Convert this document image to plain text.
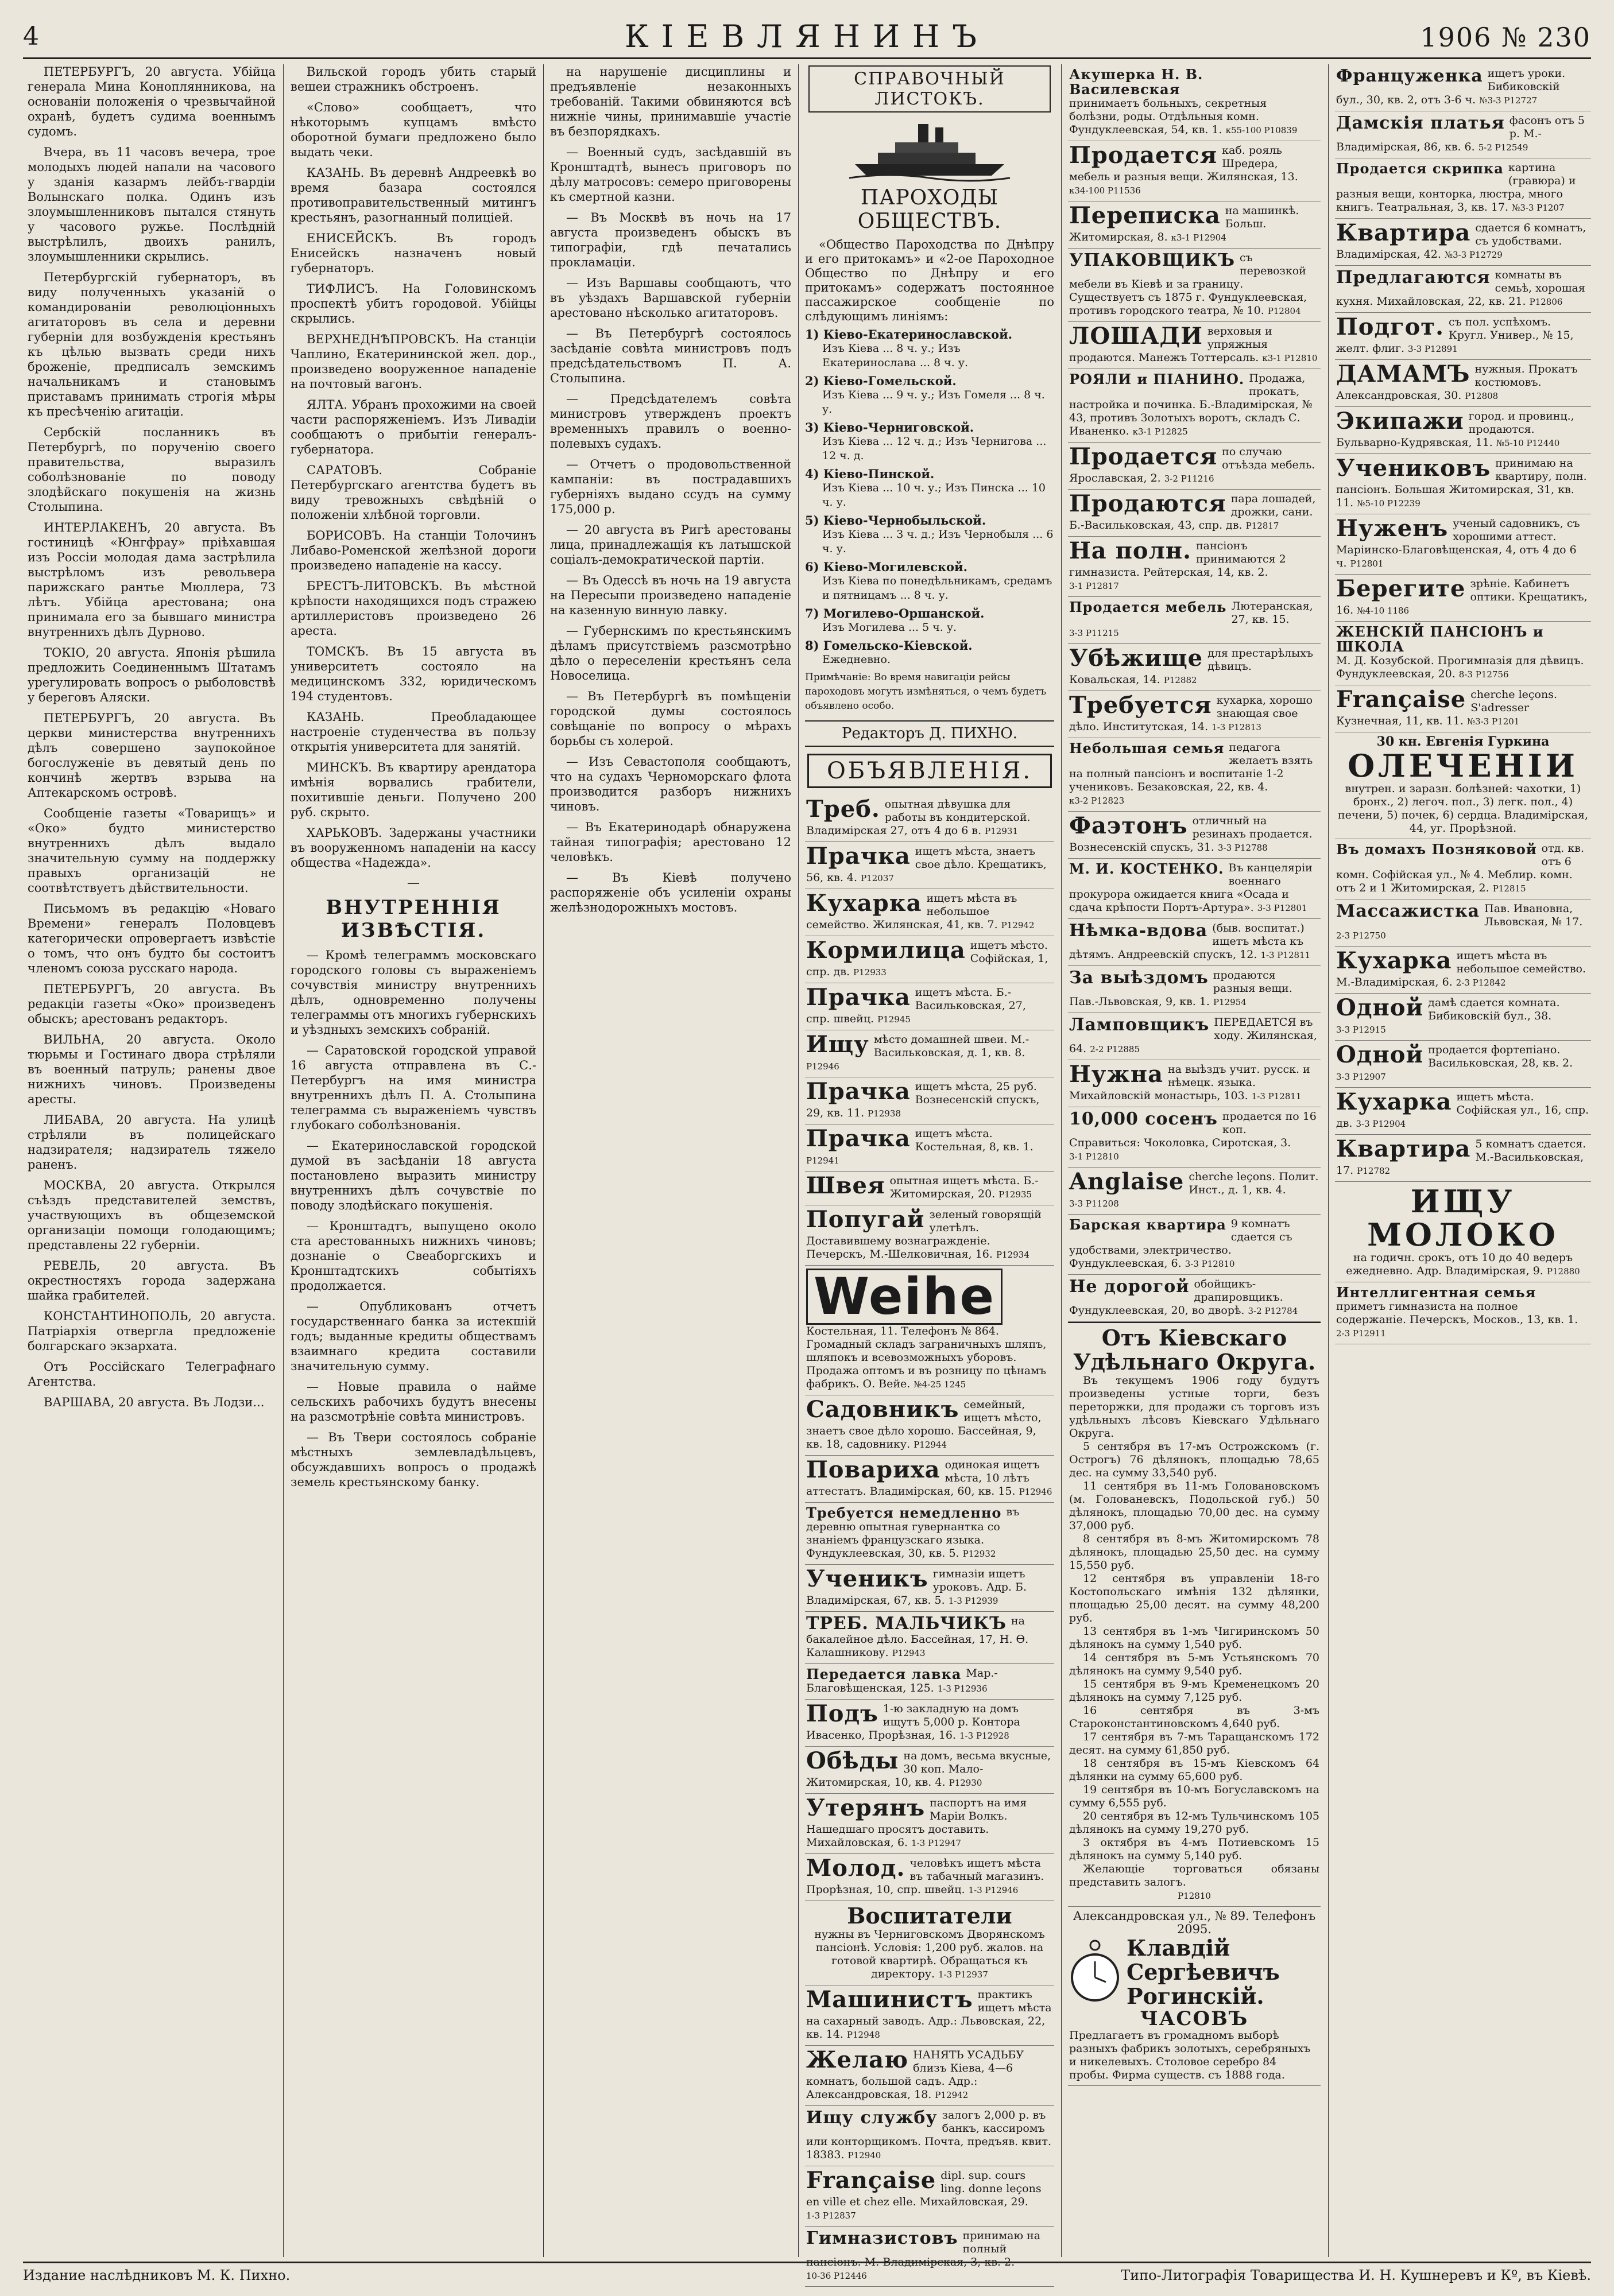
4	КІЕВЛЯНИНЪ	1906 № 230

ПЕТЕРБУРГЪ, 20 августа. Убійца генерала Мина Коноплянникова, на основаніи положенія о чрезвычайной охранѣ, будетъ судима военнымъ судомъ.

Вчера, въ 11 часовъ вечера, трое молодыхъ людей напали на часового у зданія казармъ лейбъ-гвардіи Волынскаго полка. Одинъ изъ злоумышленниковъ пытался стянуть у часового ружье. Послѣдній выстрѣлилъ, двоихъ ранилъ, злоумышленники скрылись.

Петербургскій губернаторъ, въ виду полученныхъ указаній о командированіи революціонныхъ агитаторовъ въ села и деревни губерніи для возбужденія крестьянъ къ цѣлью вызвать среди нихъ броженіе, предписалъ земскимъ начальникамъ и становымъ приставамъ принимать строгія мѣры къ пресѣченію агитаціи.

Сербскій посланникъ въ Петербургѣ, по порученію своего правительства, выразилъ соболѣзнованіе по поводу злодѣйскаго покушенія на жизнь Столыпина.

ИНТЕРЛАКЕНЪ, 20 августа. Въ гостиницѣ «Юнгфрау» пріѣхавшая изъ Россіи молодая дама застрѣлила выстрѣломъ изъ револьвера парижскаго рантье Мюллера, 73 лѣтъ. Убійца арестована; она принимала его за бывшаго министра внутреннихъ дѣлъ Дурново.

ТОКІО, 20 августа. Японія рѣшила предложить Соединеннымъ Штатамъ урегулировать вопросъ о рыболовствѣ у береговъ Аляски.

ПЕТЕРБУРГЪ, 20 августа. Въ церкви министерства внутреннихъ дѣлъ совершено заупокойное богослуженіе въ девятый день по кончинѣ жертвъ взрыва на Аптекарскомъ островѣ.

Сообщеніе газеты «Товарищъ» и «Око» будто министерство внутреннихъ дѣлъ выдало значительную сумму на поддержку правыхъ организацій не соотвѣтствуетъ дѣйствительности.

Письмомъ въ редакцію «Новаго Времени» генералъ Половцевъ категорически опровергаетъ извѣстіе о томъ, что онъ будто бы состоитъ членомъ союза русскаго народа.

ПЕТЕРБУРГЪ, 20 августа. Въ редакціи газеты «Око» произведенъ обыскъ; арестованъ редакторъ.

ВИЛЬНА, 20 августа. Около тюрьмы и Гостинаго двора стрѣляли въ военный патруль; ранены двое нижнихъ чиновъ. Произведены аресты.

ЛИБАВА, 20 августа. На улицѣ стрѣляли въ полицейскаго надзирателя; надзиратель тяжело раненъ.

МОСКВА, 20 августа. Открылся съѣздъ представителей земствъ, участвующихъ въ общеземской организаціи помощи голодающимъ; представлены 22 губерніи.

РЕВЕЛЬ, 20 августа. Въ окрестностяхъ города задержана шайка грабителей.

КОНСТАНТИНОПОЛЬ, 20 августа. Патріархія отвергла предложеніе болгарскаго экзархата.

Отъ Россійскаго Телеграфнаго Агентства.

ВАРШАВА, 20 августа. Въ Лодзи...

Вильской городъ убить старый вешеи стражникъ обстроенъ.

«Слово» сообщаетъ, что нѣкоторымъ купцамъ вмѣсто оборотной бумаги предложено было выдать чеки.

КАЗАНЬ. Въ деревнѣ Андреевкѣ во время базара состоялся противоправительственный митингъ крестьянъ, разогнанный полиціей.

ЕНИСЕЙСКЪ. Въ городъ Енисейскъ назначенъ новый губернаторъ.

ТИФЛИСЪ. На Головинскомъ проспектѣ убитъ городовой. Убійцы скрылись.

ВЕРХНЕДНѢПРОВСКЪ. На станціи Чаплино, Екатерининской жел. дор., произведено вооруженное нападеніе на почтовый вагонъ.

ЯЛТА. Убранъ прохожими на своей части распоряженіемъ. Изъ Ливадіи сообщаютъ о прибытіи генералъ-губернатора.

САРАТОВЪ. Собраніе Петербургскаго агентства будетъ въ виду тревожныхъ свѣдѣній о положеніи хлѣбной торговли.

БОРИСОВЪ. На станціи Толочинъ Либаво-Роменской желѣзной дороги произведено нападеніе на кассу.

БРЕСТЪ-ЛИТОВСКЪ. Въ мѣстной крѣпости находящихся подъ стражею артиллеристовъ произведено 26 ареста.

ТОМСКЪ. Въ 15 августа въ университетъ состояло на медицинскомъ 332, юридическомъ 194 студентовъ.

КАЗАНЬ. Преобладающее настроеніе студенчества въ пользу открытія университета для занятій.

МИНСКЪ. Въ квартиру арендатора имѣнія ворвались грабители, похитившіе деньги. Получено 200 руб. скрыто.

ХАРЬКОВЪ. Задержаны участники въ вооруженномъ нападеніи на кассу общества «Надежда».

—
ВНУТРЕННІЯ ИЗВѢСТІЯ.

— Кромѣ телеграммъ московскаго городского головы съ выраженіемъ сочувствія министру внутреннихъ дѣлъ, одновременно получены телеграммы отъ многихъ губернскихъ и уѣздныхъ земскихъ собраній.

— Саратовской городской управой 16 августа отправлена въ С.-Петербургъ на имя министра внутреннихъ дѣлъ П. А. Столыпина телеграмма съ выраженіемъ чувствъ глубокаго соболѣзнованія.

— Екатеринославской городской думой въ засѣданіи 18 августа постановлено выразить министру внутреннихъ дѣлъ сочувствіе по поводу злодѣйскаго покушенія.

— Кронштадтъ, выпущено около ста арестованныхъ нижнихъ чиновъ; дознаніе о Свеаборгскихъ и Кронштадтскихъ событіяхъ продолжается.

— Опубликованъ отчетъ государственнаго банка за истекшій годъ; выданные кредиты обществамъ взаимнаго кредита составили значительную сумму.

— Новые правила о найме сельскихъ рабочихъ будутъ внесены на разсмотрѣніе совѣта министровъ.

— Въ Твери состоялось собраніе мѣстныхъ землевладѣльцевъ, обсуждавшихъ вопросъ о продажѣ земель крестьянскому банку.

на нарушеніе дисциплины и предъявленіе незаконныхъ требованій. Такими обвиняются всѣ нижніе чины, принимавшіе участіе въ безпорядкахъ.

— Военный судъ, засѣдавшій въ Кронштадтѣ, вынесъ приговоръ по дѣлу матросовъ: семеро приговорены къ смертной казни.

— Въ Москвѣ въ ночь на 17 августа произведенъ обыскъ въ типографіи, гдѣ печатались прокламаціи.

— Изъ Варшавы сообщаютъ, что въ уѣздахъ Варшавской губерніи арестовано нѣсколько агитаторовъ.

— Въ Петербургѣ состоялось засѣданіе совѣта министровъ подъ предсѣдательствомъ П. А. Столыпина.

— Предсѣдателемъ совѣта министровъ утвержденъ проектъ временныхъ правилъ о военно-полевыхъ судахъ.

— Отчетъ о продовольственной кампаніи: въ пострадавшихъ губерніяхъ выдано ссудъ на сумму 175,000 р.

— 20 августа въ Ригѣ арестованы лица, принадлежащія къ латышской соціалъ-демократической партіи.

— Въ Одессѣ въ ночь на 19 августа на Пересыпи произведено нападеніе на казенную винную лавку.

— Губернскимъ по крестьянскимъ дѣламъ присутствіемъ разсмотрѣно дѣло о переселеніи крестьянъ села Новоселица.

— Въ Петербургѣ въ помѣщеніи городской думы состоялось совѣщаніе по вопросу о мѣрахъ борьбы съ холерой.

— Изъ Севастополя сообщаютъ, что на судахъ Черноморскаго флота производится разборъ нижнихъ чиновъ.

— Въ Екатеринодарѣ обнаружена тайная типографія; арестовано 12 человѣкъ.

— Въ Кіевѣ получено распоряженіе объ усиленіи охраны желѣзнодорожныхъ мостовъ.

СПРАВОЧНЫЙ ЛИСТОКЪ.
ПАРОХОДЫ ОБЩЕСТВЪ.
«Общество Пароходства по Днѣпру и его притокамъ» и «2-ое Пароходное Общество по Днѣпру и его притокамъ» содержатъ постоянное пассажирское сообщеніе по слѣдующимъ линіямъ:
1) Кіево-Екатеринославской.
Изъ Кіева ... 8 ч. у.; Изъ Екатеринослава ... 8 ч. у.
2) Кіево-Гомельской.
Изъ Кіева ... 9 ч. у.; Изъ Гомеля ... 8 ч. у.
3) Кіево-Черниговской.
Изъ Кіева ... 12 ч. д.; Изъ Чернигова ... 12 ч. д.
4) Кіево-Пинской.
Изъ Кіева ... 10 ч. у.; Изъ Пинска ... 10 ч. у.
5) Кіево-Чернобыльской.
Изъ Кіева ... 3 ч. д.; Изъ Чернобыля ... 6 ч. у.
6) Кіево-Могилевской.
Изъ Кіева по понедѣльникамъ, средамъ и пятницамъ ... 8 ч. у.
7) Могилево-Оршанской.
Изъ Могилева ... 5 ч. у.
8) Гомельско-Кіевской.
Ежедневно.
Примѣчаніе: Во время навигаціи рейсы пароходовъ могутъ измѣняться, о чемъ будетъ объявлено особо.
Редакторъ Д. ПИХНО.
ОБЪЯВЛЕНІЯ.
Треб. опытная дѣвушка для работы въ кондитерской. Владимірская 27, отъ 4 до 6 в. Р12931
Прачка ищетъ мѣста, знаетъ свое дѣло. Крещатикъ, 56, кв. 4. Р12037
Кухарка ищетъ мѣста въ небольшое семейство. Жилянская, 41, кв. 7. Р12942
Кормилица ищетъ мѣсто. Софійская, 1, спр. дв. Р12933
Прачка ищетъ мѣста. Б.-Васильковская, 27, спр. швейц. Р12945
Ищу мѣсто домашней швеи. М.-Васильковская, д. 1, кв. 8. Р12946
Прачка ищетъ мѣста, 25 руб. Вознесенскій спускъ, 29, кв. 11. Р12938
Прачка ищетъ мѣста. Костельная, 8, кв. 1. Р12941
Швея опытная ищетъ мѣста. Б.-Житомирская, 20. Р12935
Попугай зеленый говорящій улетѣлъ. Доставившему вознагражденіе. Печерскъ, М.-Шелковичная, 16. Р12934
Weihe
Костельная, 11. Телефонъ № 864. Громадный складъ заграничныхъ шляпъ, шляпокъ и всевозможныхъ уборовъ. Продажа оптомъ и въ розницу по цѣнамъ фабрикъ. О. Вейе. №4-25 1245
Садовникъ семейный, ищетъ мѣсто, знаетъ свое дѣло хорошо. Бассейная, 9, кв. 18, садовнику. Р12944
Повариха одинокая ищетъ мѣста, 10 лѣтъ аттестатъ. Владимірская, 60, кв. 15. Р12946
Требуется немедленно въ деревню опытная гувернантка со знаніемъ французскаго языка. Фундуклеевская, 30, кв. 5. Р12932
Ученикъ гимназіи ищетъ уроковъ. Адр. Б. Владимірская, 67, кв. 5. 1-3 Р12939
ТРЕБ. МАЛЬЧИКЪ на бакалейное дѣло. Бассейная, 17, Н. Ѳ. Калашникову. Р12943
Передается лавка Мар.-Благовѣщенская, 125. 1-3 Р12936
Подъ 1-ю закладную на домъ ищутъ 5,000 р. Контора Ивасенко, Прорѣзная, 16. 1-3 Р12928
Обѣды на домъ, весьма вкусные, 30 коп. Мало-Житомирская, 10, кв. 4. Р12930
Утерянъ паспортъ на имя Маріи Волкъ. Нашедшаго просятъ доставить. Михайловская, 6. 1-3 Р12947
Молод. человѣкъ ищетъ мѣста въ табачный магазинъ. Прорѣзная, 10, спр. швейц. 1-3 Р12946
Воспитатели
нужны въ Черниговскомъ Дворянскомъ пансіонѣ. Условія: 1,200 руб. жалов. на готовой квартирѣ. Обращаться къ директору. 1-3 Р12937
Машинистъ практикъ ищетъ мѣста на сахарный заводъ. Адр.: Львовская, 22, кв. 14. Р12948
Желаю НАНЯТЬ УСАДЬБУ близъ Кіева, 4—6 комнатъ, большой садъ. Адр.: Александровская, 18. Р12942
Ищу службу залогъ 2,000 р. въ банкъ, кассиромъ или конторщикомъ. Почта, предъяв. квит. 18383. Р12940
Française dipl. sup. cours ling. donne leçons en ville et chez elle. Михайловская, 29. 1-3 Р12837
Гимназистовъ принимаю на полный пансіонъ. М.-Владимірская, 3, кв. 2. 10-36 Р12446
Акушерка Н. В. Василевская
принимаетъ больныхъ, секретныя болѣзни, роды. Отдѣльныя комн. Фундуклеевская, 54, кв. 1. к55-100 Р10839
Продается каб. рояль Шредера, мебель и разныя вещи. Жилянская, 13. к34-100 Р11536
Переписка на машинкѣ. Больш. Житомирская, 8. к3-1 Р12904
УПАКОВЩИКЪ съ перевозкой мебели въ Кіевѣ и за границу. Существуетъ съ 1875 г. Фундуклеевская, противъ городского театра, № 10. Р12804
ЛОШАДИ верховыя и упряжныя продаются. Манежъ Тоттерсаль. к3-1 Р12810
РОЯЛИ и ПІАНИНО. Продажа, прокатъ, настройка и починка. Б.-Владимірская, № 43, противъ Золотыхъ воротъ, складъ С. Иваненко. к3-1 Р12825
Продается по случаю отъѣзда мебель. Ярославская, 2. 3-2 Р11216
Продаются пара лошадей, дрожки, сани. Б.-Васильковская, 43, спр. дв. Р12817
На полн. пансіонъ принимаются 2 гимназиста. Рейтерская, 14, кв. 2. 3-1 Р12817
Продается мебель Лютеранская, 27, кв. 15. 3-3 Р11215
Убѣжище для престарѣлыхъ дѣвицъ. Ковальская, 14. Р12882
Требуется кухарка, хорошо знающая свое дѣло. Институтская, 14. 1-3 Р12813
Небольшая семья педагога желаетъ взять на полный пансіонъ и воспитаніе 1-2 учениковъ. Безаковская, 22, кв. 4. к3-2 Р12823
Фаэтонъ отличный на резинахъ продается. Вознесенскій спускъ, 31. 3-3 Р12788
М. И. КОСТЕНКО. Въ канцеляріи военнаго прокурора ожидается книга «Осада и сдача крѣпости Портъ-Артура». 3-3 Р12801
Нѣмка-вдова (быв. воспитат.) ищетъ мѣста къ дѣтямъ. Андреевскій спускъ, 12. 1-3 Р12811
За выѣздомъ продаются разныя вещи. Пав.-Львовская, 9, кв. 1. Р12954
Ламповщикъ ПЕРЕДАЕТСЯ въ ходу. Жилянская, 64. 2-2 Р12885
Нужна на выѣздъ учит. русск. и нѣмецк. языка. Михайловскій монастырь, 103. 1-3 Р12811
10,000 сосенъ продается по 16 коп. Справиться: Чоколовка, Сиротская, 3. 3-1 Р12810
Anglaise cherche leçons. Полит. Инст., д. 1, кв. 4. 3-3 Р11208
Барская квартира 9 комнатъ сдается съ удобствами, электричество. Фундуклеевская, 6. 3-3 Р12810
Не дорогой обойщикъ-драпировщикъ. Фундуклеевская, 20, во дворѣ. 3-2 Р12784
Отъ Кіевскаго Удѣльнаго Округа.
Въ текущемъ 1906 году будутъ произведены устные торги, безъ переторжки, для продажи съ торговъ изъ удѣльныхъ лѣсовъ Кіевскаго Удѣльнаго Округа.
5 сентября въ 17-мъ Острожскомъ (г. Острогъ) 76 дѣлянокъ, площадью 78,65 дес. на сумму 33,540 руб.
11 сентября въ 11-мъ Головановскомъ (м. Голованевскъ, Подольской губ.) 50 дѣлянокъ, площадью 70,00 дес. на сумму 37,000 руб.
8 сентября въ 8-мъ Житомирскомъ 78 дѣлянокъ, площадью 25,50 дес. на сумму 15,550 руб.
12 сентября въ управленіи 18-го Костопольскаго имѣнія 132 дѣлянки, площадью 25,00 десят. на сумму 48,200 руб.
13 сентября въ 1-мъ Чигиринскомъ 50 дѣлянокъ на сумму 1,540 руб.
14 сентября въ 5-мъ Устьянскомъ 70 дѣлянокъ на сумму 9,540 руб.
15 сентября въ 9-мъ Кременецкомъ 20 дѣлянокъ на сумму 7,125 руб.
16 сентября въ 3-мъ Староконстантиновскомъ 4,640 руб.
17 сентября въ 7-мъ Таращанскомъ 172 десят. на сумму 61,850 руб.
18 сентября въ 15-мъ Кіевскомъ 64 дѣлянки на сумму 65,600 руб.
19 сентября въ 10-мъ Богуславскомъ на сумму 6,555 руб.
20 сентября въ 12-мъ Тульчинскомъ 105 дѣлянокъ на сумму 19,270 руб.
3 октября въ 4-мъ Потиевскомъ 15 дѣлянокъ на сумму 5,140 руб.
Желающіе торговаться обязаны представить залогъ.
Р12810
Александровская ул., № 89. Телефонъ 2095.
Клавдій Сергѣевичъ Рогинскій.
ЧАСОВЪ
Предлагаетъ въ громадномъ выборѣ разныхъ фабрикъ золотыхъ, серебряныхъ и никелевыхъ. Столовое серебро 84 пробы. Фирма существ. съ 1888 года.
Француженка ищетъ уроки. Бибиковскій бул., 30, кв. 2, отъ 3-6 ч. №3-3 Р12727
Дамскія платья фасонъ отъ 5 р. М.-Владимірская, 86, кв. 6. 5-2 Р12549
Продается скрипка картина (гравюра) и разныя вещи, конторка, люстра, много книгъ. Театральная, 3, кв. 17. №3-3 Р1207
Квартира сдается 6 комнатъ, съ удобствами. Владимірская, 42. №3-3 Р12729
Предлагаются комнаты въ семьѣ, хорошая кухня. Михайловская, 22, кв. 21. Р12806
Подгот. съ пол. успѣхомъ. Кругл. Универ., № 15, желт. флиг. 3-3 Р12891
ДАМАМЪ нужныя. Прокатъ костюмовъ. Александровская, 30. Р12808
Экипажи город. и провинц., продаются. Бульварно-Кудрявская, 11. №5-10 Р12440
Учениковъ принимаю на квартиру, полн. пансіонъ. Большая Житомирская, 31, кв. 11. №5-10 Р12239
Нуженъ ученый садовникъ, съ хорошими аттест. Маріинско-Благовѣщенская, 4, отъ 4 до 6 ч. Р12801
Берегите зрѣніе. Кабинетъ оптики. Крещатикъ, 16. №4-10 1186
ЖЕНСКІЙ ПАНСІОНЪ и ШКОЛА
М. Д. Козубской. Прогимназія для дѣвицъ. Фундуклеевская, 20. 8-3 Р12756
Française cherche leçons. S'adresser Кузнечная, 11, кв. 11. №3-3 Р1201
30 кн. Евгенія Гуркина
ОЛЕЧЕНІИ
внутрен. и заразн. болѣзней: чахотки, 1) бронх., 2) легоч. пол., 3) легк. пол., 4) печени, 5) почек, 6) сердца. Владимірская, 44, уг. Прорѣзной.
Въ домахъ Позняковой отд. кв. отъ 6 комн. Софійская ул., № 4. Меблир. комн. отъ 2 и 1 Житомирская, 2. Р12815
Массажистка Пав. Ивановна, Львовская, № 17. 2-3 Р12750
Кухарка ищетъ мѣста въ небольшое семейство. М.-Владимірская, 6. 2-3 Р12842
Одной дамѣ сдается комната. Бибиковскій бул., 38. 3-3 Р12915
Одной продается фортепіано. Васильковская, 28, кв. 2. 3-3 Р12907
Кухарка ищетъ мѣста. Софійская ул., 16, спр. дв. 3-3 Р12904
Квартира 5 комнатъ сдается. М.-Васильковская, 17. Р12782
ИЩУ МОЛОКО
на годичн. срокъ, отъ 10 до 40 ведеръ ежедневно. Адр. Владимірская, 9. Р12880
Интеллигентная семья
приметъ гимназиста на полное содержаніе. Печерскъ, Москов., 13, кв. 1. 2-3 Р12911
Издание наслѣдниковъ М. К. Пихно.	Типо-Литографія Товарищества И. Н. Кушнеревъ и Кº, въ Кіевѣ.
